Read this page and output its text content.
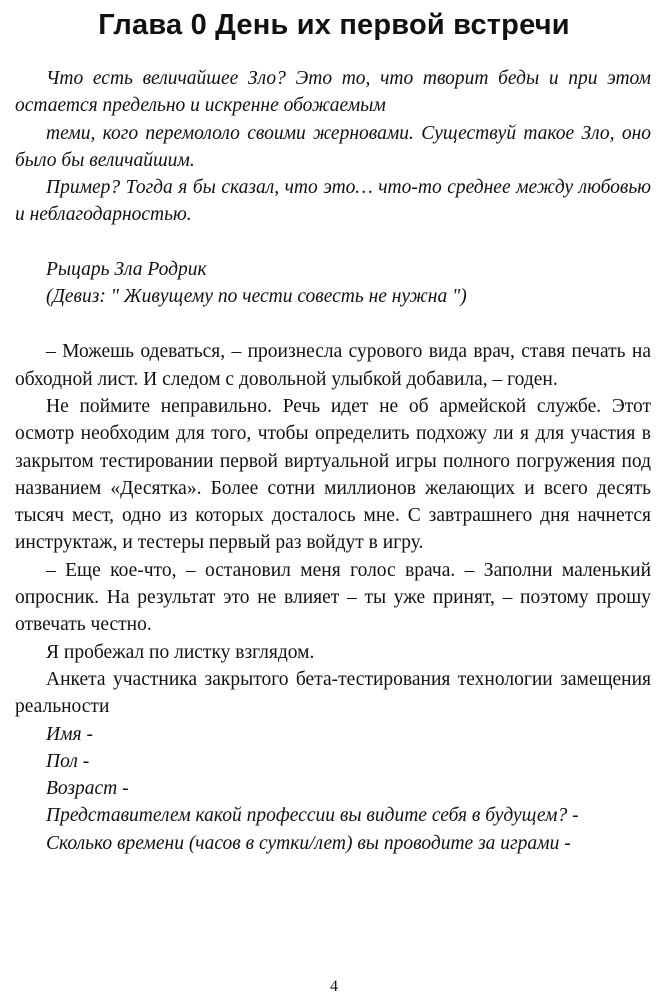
Глава 0 День их первой встречи

Что есть величайшее Зло? Это то, что творит беды и при этом остается предельно и искренне обожаемым

теми, кого перемололо своими жерновами. Существуй такое Зло, оно было бы величайшим.

Пример? Тогда я бы сказал, что это… что-то среднее между любовью и неблагодарностью.

Рыцарь Зла Родрик

(Девиз: " Живущему по чести совесть не нужна ")

– Можешь одеваться, – произнесла сурового вида врач, ставя печать на обходной лист. И следом с довольной улыбкой добавила, – годен.

Не поймите неправильно. Речь идет не об армейской службе. Этот осмотр необходим для того, чтобы определить подхожу ли я для участия в закрытом тестировании первой виртуальной игры полного погружения под названием «Десятка». Более сотни миллионов желающих и всего десять тысяч мест, одно из которых досталось мне. С завтрашнего дня начнется инструктаж, и тестеры первый раз войдут в игру.

– Еще кое-что, – остановил меня голос врача. – Заполни маленький опросник. На результат это не влияет – ты уже принят, – поэтому прошу отвечать честно.

Я пробежал по листку взглядом.

Анкета участника закрытого бета-тестирования технологии замещения реальности

Имя -

Пол -

Возраст -

Представителем какой профессии вы видите себя в будущем? -

Сколько времени (часов в сутки/лет) вы проводите за играми -

4
